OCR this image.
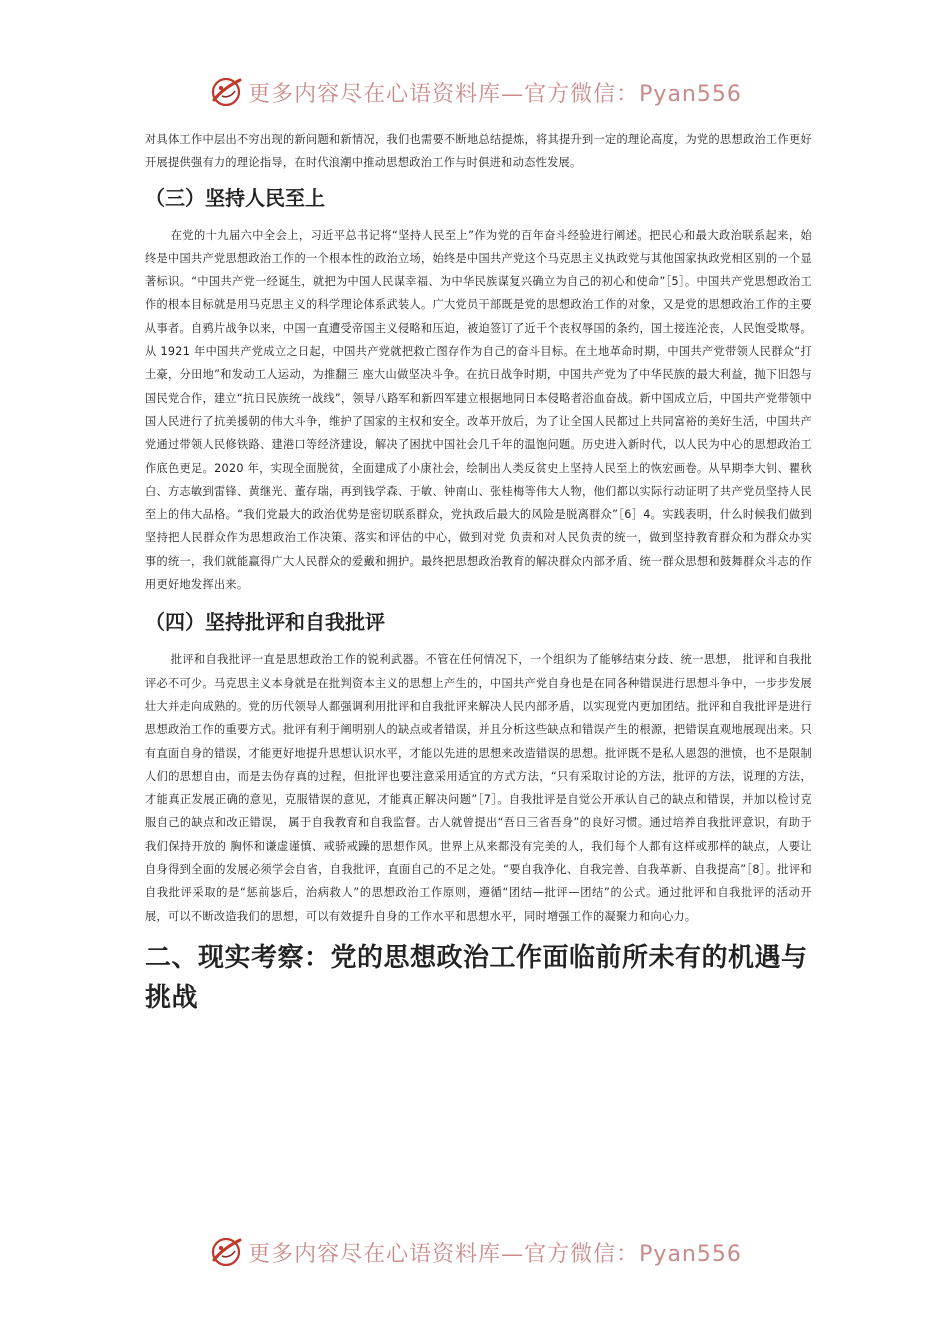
更多内容尽在心语资料库—官方微信：Pyan556

对具体工作中层出不穷出现的新问题和新情况，我们也需要不断地总结提炼，将其提升到一定的理论高度，为党的思想政治工作更好开展提供强有力的理论指导，在时代浪潮中推动思想政治工作与时俱进和动态性发展。

（三）坚持人民至上

在党的十九届六中全会上，习近平总书记将“坚持人民至上”作为党的百年奋斗经验进行阐述。把民心和最大政治联系起来，始终是中国共产党思想政治工作的一个根本性的政治立场，始终是中国共产党这个马克思主义执政党与其他国家执政党相区别的一个显著标识。“中国共产党一经诞生，就把为中国人民谋幸福、为中华民族谋复兴确立为自己的初心和使命”［5］。中国共产党思想政治工作的根本目标就是用马克思主义的科学理论体系武装人。广大党员干部既是党的思想政治工作的对象，又是党的思想政治工作的主要从事者。自鸦片战争以来，中国一直遭受帝国主义侵略和压迫，被迫签订了近千个丧权辱国的条约，国土接连沦丧，人民饱受欺辱。从 1921 年中国共产党成立之日起，中国共产党就把救亡图存作为自己的奋斗目标。在土地革命时期，中国共产党带领人民群众“打土豪，分田地”和发动工人运动，为推翻三 座大山做坚决斗争。在抗日战争时期，中国共产党为了中华民族的最大利益，抛下旧怨与国民党合作，建立“抗日民族统一战线”，领导八路军和新四军建立根据地同日本侵略者浴血奋战。新中国成立后，中国共产党带领中国人民进行了抗美援朝的伟大斗争，维护了国家的主权和安全。改革开放后，为了让全国人民都过上共同富裕的美好生活，中国共产党通过带领人民修铁路、建港口等经济建设，解决了困扰中国社会几千年的温饱问题。历史进入新时代，以人民为中心的思想政治工作底色更足。2020 年，实现全面脱贫，全面建成了小康社会，绘制出人类反贫史上坚持人民至上的恢宏画卷。从早期李大钊、瞿秋白、方志敏到雷锋、黄继光、董存瑞，再到钱学森、于敏、钟南山、张桂梅等伟大人物，他们都以实际行动证明了共产党员坚持人民至上的伟大品格。“我们党最大的政治优势是密切联系群众，党执政后最大的风险是脱离群众”［6］4。实践表明，什么时候我们做到坚持把人民群众作为思想政治工作决策、落实和评估的中心，做到对党 负责和对人民负责的统一，做到坚持教育群众和为群众办实事的统一，我们就能赢得广大人民群众的爱戴和拥护。最终把思想政治教育的解决群众内部矛盾、统一群众思想和鼓舞群众斗志的作用更好地发挥出来。

（四）坚持批评和自我批评

批评和自我批评一直是思想政治工作的锐利武器。不管在任何情况下，一个组织为了能够结束分歧、统一思想， 批评和自我批评必不可少。马克思主义本身就是在批判资本主义的思想上产生的，中国共产党自身也是在同各种错误进行思想斗争中，一步步发展壮大并走向成熟的。党的历代领导人都强调利用批评和自我批评来解决人民内部矛盾，以实现党内更加团结。批评和自我批评是进行思想政治工作的重要方式。批评有利于阐明别人的缺点或者错误，并且分析这些缺点和错误产生的根源，把错误直观地展现出来。只有直面自身的错误，才能更好地提升思想认识水平，才能以先进的思想来改造错误的思想。批评既不是私人恩怨的泄愤，也不是限制人们的思想自由，而是去伪存真的过程，但批评也要注意采用适宜的方式方法，“只有采取讨论的方法，批评的方法，说理的方法，才能真正发展正确的意见，克服错误的意见，才能真正解决问题”［7］。自我批评是自觉公开承认自己的缺点和错误，并加以检讨克服自己的缺点和改正错误， 属于自我教育和自我监督。古人就曾提出“吾日三省吾身”的良好习惯。通过培养自我批评意识，有助于我们保持开放的 胸怀和谦虚谨慎、戒骄戒躁的思想作风。世界上从来都没有完美的人，我们每个人都有这样或那样的缺点，人要让自身得到全面的发展必须学会自省，自我批评，直面自己的不足之处。“要自我净化、自我完善、自我革新、自我提高”［8］。批评和自我批评采取的是“惩前毖后，治病救人”的思想政治工作原则，遵循“团结—批评—团结”的公式。通过批评和自我批评的活动开展，可以不断改造我们的思想，可以有效提升自身的工作水平和思想水平，同时增强工作的凝聚力和向心力。

二、现实考察：党的思想政治工作面临前所未有的机遇与挑战
更多内容尽在心语资料库—官方微信：Pyan556
